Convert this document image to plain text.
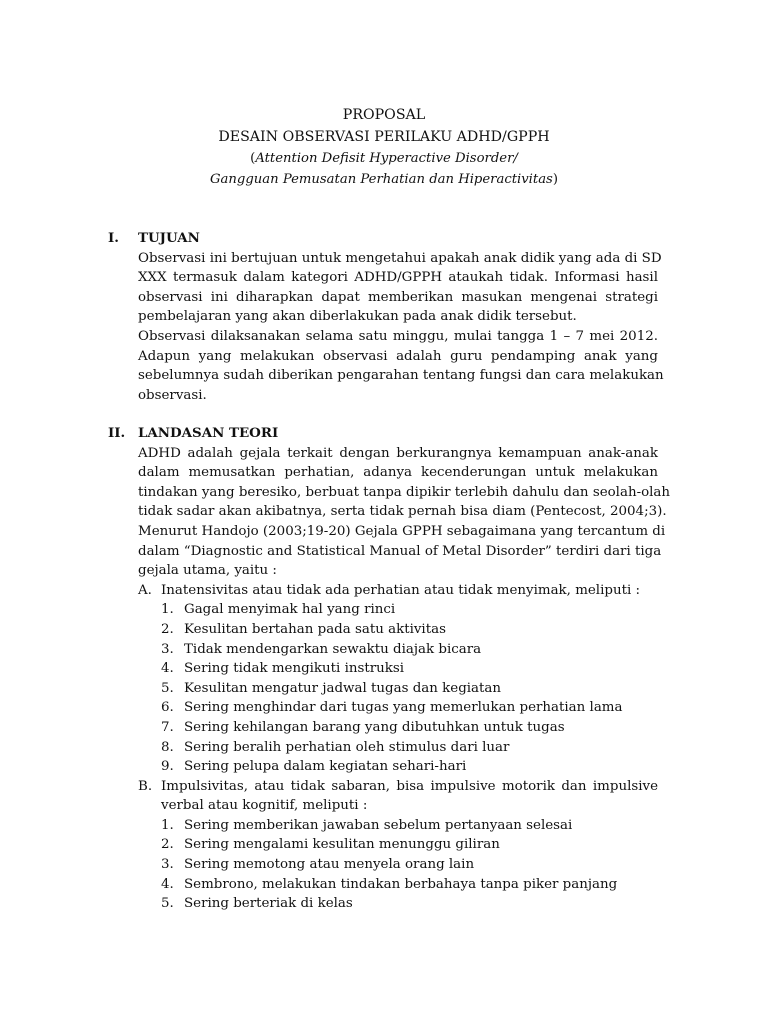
PROPOSAL
DESAIN OBSERVASI PERILAKU ADHD/GPPH
(Attention Defisit Hyperactive Disorder/
Gangguan Pemusatan Perhatian dan Hiperactivitas)
I. TUJUAN
Observasi ini bertujuan untuk mengetahui apakah anak didik yang ada di SD
XXX termasuk dalam kategori ADHD/GPPH ataukah tidak. Informasi hasil
observasi ini diharapkan dapat memberikan masukan mengenai strategi
pembelajaran yang akan diberlakukan pada anak didik tersebut.
Observasi dilaksanakan selama satu minggu, mulai tangga 1 – 7 mei 2012.
Adapun yang melakukan observasi adalah guru pendamping anak yang
sebelumnya sudah diberikan pengarahan tentang fungsi dan cara melakukan
observasi.
II. LANDASAN TEORI
ADHD adalah gejala terkait dengan berkurangnya kemampuan anak-anak
dalam memusatkan perhatian, adanya kecenderungan untuk melakukan
tindakan yang beresiko, berbuat tanpa dipikir terlebih dahulu dan seolah-olah
tidak sadar akan akibatnya, serta tidak pernah bisa diam (Pentecost, 2004;3).
Menurut Handojo (2003;19-20) Gejala GPPH sebagaimana yang tercantum di
dalam “Diagnostic and Statistical Manual of Metal Disorder” terdiri dari tiga
gejala utama, yaitu :
A. Inatensivitas atau tidak ada perhatian atau tidak menyimak, meliputi :
1. Gagal menyimak hal yang rinci
2. Kesulitan bertahan pada satu aktivitas
3. Tidak mendengarkan sewaktu diajak bicara
4. Sering tidak mengikuti instruksi
5. Kesulitan mengatur jadwal tugas dan kegiatan
6. Sering menghindar dari tugas yang memerlukan perhatian lama
7. Sering kehilangan barang yang dibutuhkan untuk tugas
8. Sering beralih perhatian oleh stimulus dari luar
9. Sering pelupa dalam kegiatan sehari-hari
B. Impulsivitas, atau tidak sabaran, bisa impulsive motorik dan impulsive
verbal atau kognitif, meliputi :
1. Sering memberikan jawaban sebelum pertanyaan selesai
2. Sering mengalami kesulitan menunggu giliran
3. Sering memotong atau menyela orang lain
4. Sembrono, melakukan tindakan berbahaya tanpa piker panjang
5. Sering berteriak di kelas
